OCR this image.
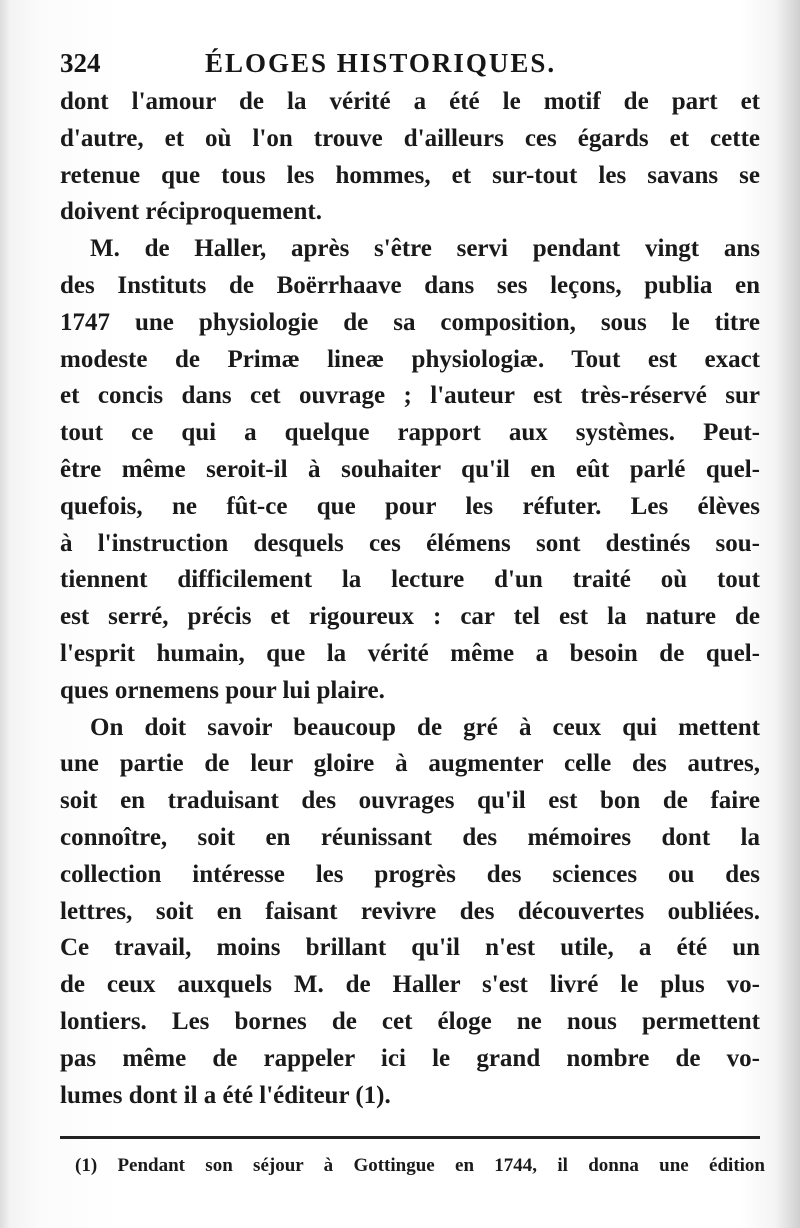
324	ÉLOGES HISTORIQUES.
dont l'amour de la vérité a été le motif de part et
d'autre, et où l'on trouve d'ailleurs ces égards et cette
retenue que tous les hommes, et sur-tout les savans se
doivent réciproquement.
M. de Haller, après s'être servi pendant vingt ans
des Instituts de Boërrhaave dans ses leçons, publia en
1747 une physiologie de sa composition, sous le titre
modeste de Primæ lineæ physiologiæ. Tout est exact
et concis dans cet ouvrage ; l'auteur est très-réservé sur
tout ce qui a quelque rapport aux systèmes. Peut-
être même seroit-il à souhaiter qu'il en eût parlé quel-
quefois, ne fût-ce que pour les réfuter. Les élèves
à l'instruction desquels ces élémens sont destinés sou-
tiennent difficilement la lecture d'un traité où tout
est serré, précis et rigoureux : car tel est la nature de
l'esprit humain, que la vérité même a besoin de quel-
ques ornemens pour lui plaire.
On doit savoir beaucoup de gré à ceux qui mettent
une partie de leur gloire à augmenter celle des autres,
soit en traduisant des ouvrages qu'il est bon de faire
connoître, soit en réunissant des mémoires dont la
collection intéresse les progrès des sciences ou des
lettres, soit en faisant revivre des découvertes oubliées.
Ce travail, moins brillant qu'il n'est utile, a été un
de ceux auxquels M. de Haller s'est livré le plus vo-
lontiers. Les bornes de cet éloge ne nous permettent
pas même de rappeler ici le grand nombre de vo-
lumes dont il a été l'éditeur (1).
(1) Pendant son séjour à Gottingue en 1744, il donna une édition
